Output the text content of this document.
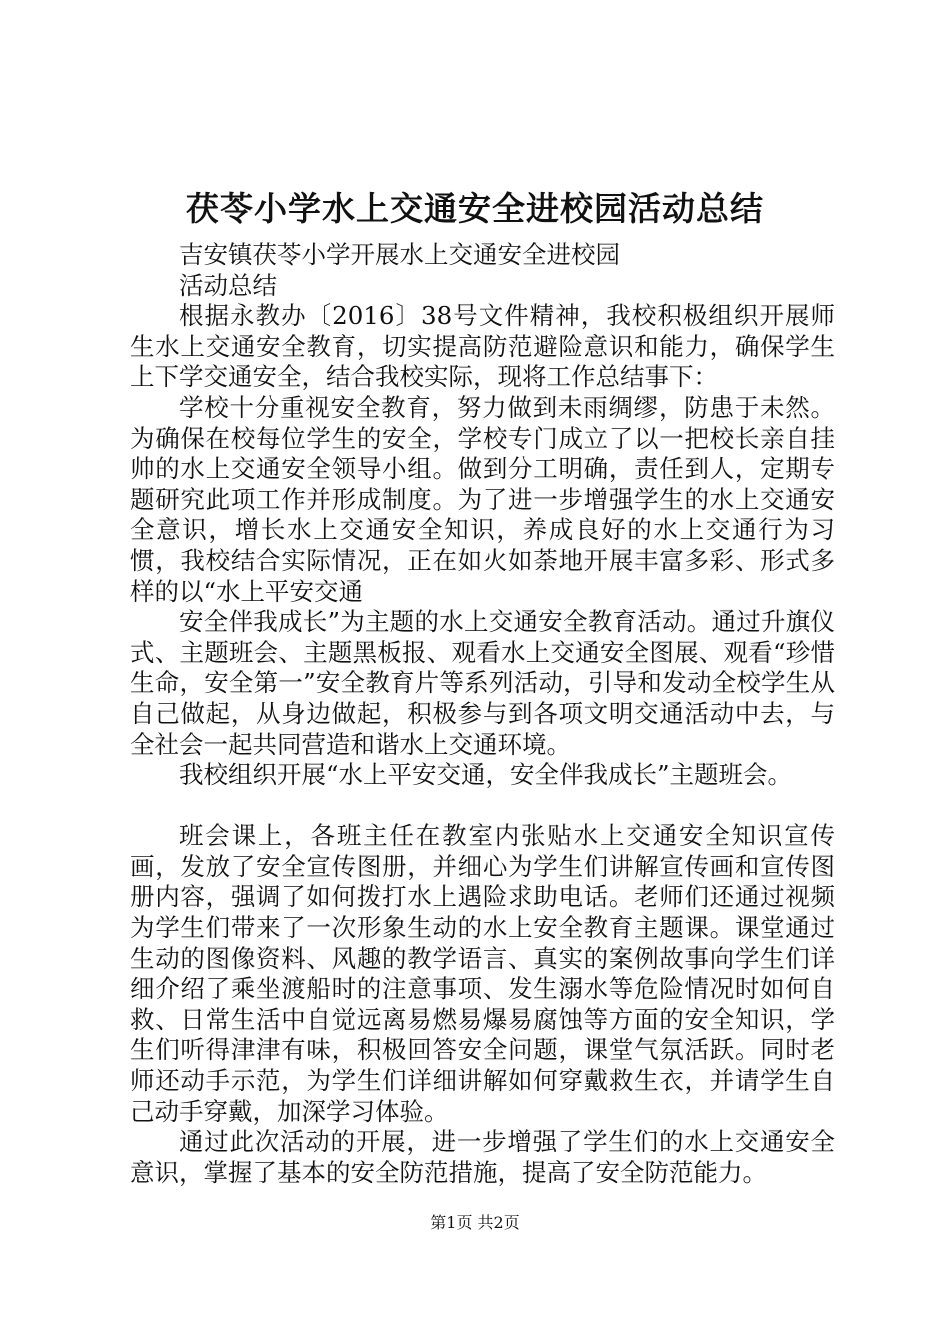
茯苓小学水上交通安全进校园活动总结

吉安镇茯苓小学开展水上交通安全进校园

活动总结

根据永教办〔2016〕38号文件精神，我校积极组织开展师生水上交通安全教育，切实提高防范避险意识和能力，确保学生上下学交通安全，结合我校实际，现将工作总结事下：

学校十分重视安全教育，努力做到未雨绸缪，防患于未然。为确保在校每位学生的安全，学校专门成立了以一把校长亲自挂帅的水上交通安全领导小组。做到分工明确，责任到人，定期专题研究此项工作并形成制度。为了进一步增强学生的水上交通安全意识，增长水上交通安全知识，养成良好的水上交通行为习惯，我校结合实际情况，正在如火如荼地开展丰富多彩、形式多样的以“水上平安交通

安全伴我成长”为主题的水上交通安全教育活动。通过升旗仪式、主题班会、主题黑板报、观看水上交通安全图展、观看“珍惜生命，安全第一”安全教育片等系列活动，引导和发动全校学生从自己做起，从身边做起，积极参与到各项文明交通活动中去，与全社会一起共同营造和谐水上交通环境。

我校组织开展“水上平安交通，安全伴我成长”主题班会。

班会课上，各班主任在教室内张贴水上交通安全知识宣传画，发放了安全宣传图册，并细心为学生们讲解宣传画和宣传图册内容，强调了如何拨打水上遇险求助电话。老师们还通过视频为学生们带来了一次形象生动的水上安全教育主题课。课堂通过生动的图像资料、风趣的教学语言、真实的案例故事向学生们详细介绍了乘坐渡船时的注意事项、发生溺水等危险情况时如何自救、日常生活中自觉远离易燃易爆易腐蚀等方面的安全知识，学生们听得津津有味，积极回答安全问题，课堂气氛活跃。同时老师还动手示范，为学生们详细讲解如何穿戴救生衣，并请学生自己动手穿戴，加深学习体验。

通过此次活动的开展，进一步增强了学生们的水上交通安全意识，掌握了基本的安全防范措施，提高了安全防范能力。

第1页 共2页
